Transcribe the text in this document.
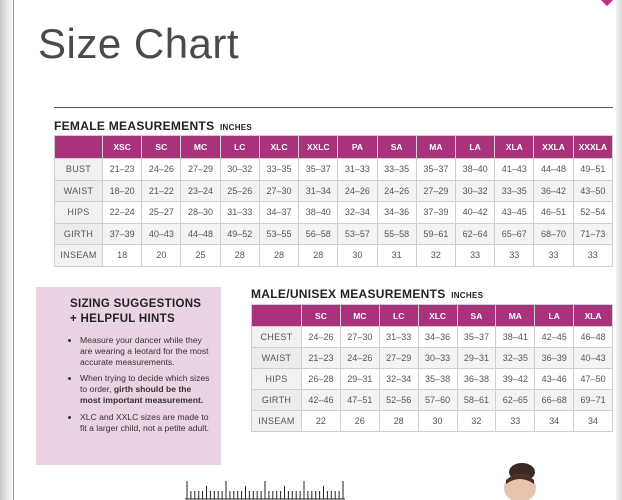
Size Chart
FEMALE MEASUREMENTS INCHES
	XSC	SC	MC	LC	XLC	XXLC	PA	SA	MA	LA	XLA	XXLA	XXXLA
BUST	21–23	24–26	27–29	30–32	33–35	35–37	31–33	33–35	35–37	38–40	41–43	44–48	49–51
WAIST	18–20	21–22	23–24	25–26	27–30	31–34	24–26	24–26	27–29	30–32	33–35	36–42	43–50
HIPS	22–24	25–27	28–30	31–33	34–37	38–40	32–34	34–36	37–39	40–42	43–45	46–51	52–54
GIRTH	37–39	40–43	44–48	49–52	53–55	56–58	53–57	55–58	59–61	62–64	65–67	68–70	71–73
INSEAM	18	20	25	28	28	28	30	31	32	33	33	33	33
SIZING SUGGESTIONS
+ HELPFUL HINTS
• Measure your dancer while they are wearing a leotard for the most accurate measurements.
• When trying to decide which sizes to order, girth should be the most important measurement.
• XLC and XXLC sizes are made to fit a larger child, not a petite adult.
MALE/UNISEX MEASUREMENTS INCHES
	SC	MC	LC	XLC	SA	MA	LA	XLA
CHEST	24–26	27–30	31–33	34–36	35–37	38–41	42–45	46–48
WAIST	21–23	24–26	27–29	30–33	29–31	32–35	36–39	40–43
HIPS	26–28	29–31	32–34	35–38	36–38	39–42	43–46	47–50
GIRTH	42–46	47–51	52–56	57–60	58–61	62–65	66–68	69–71
INSEAM	22	26	28	30	32	33	34	34
